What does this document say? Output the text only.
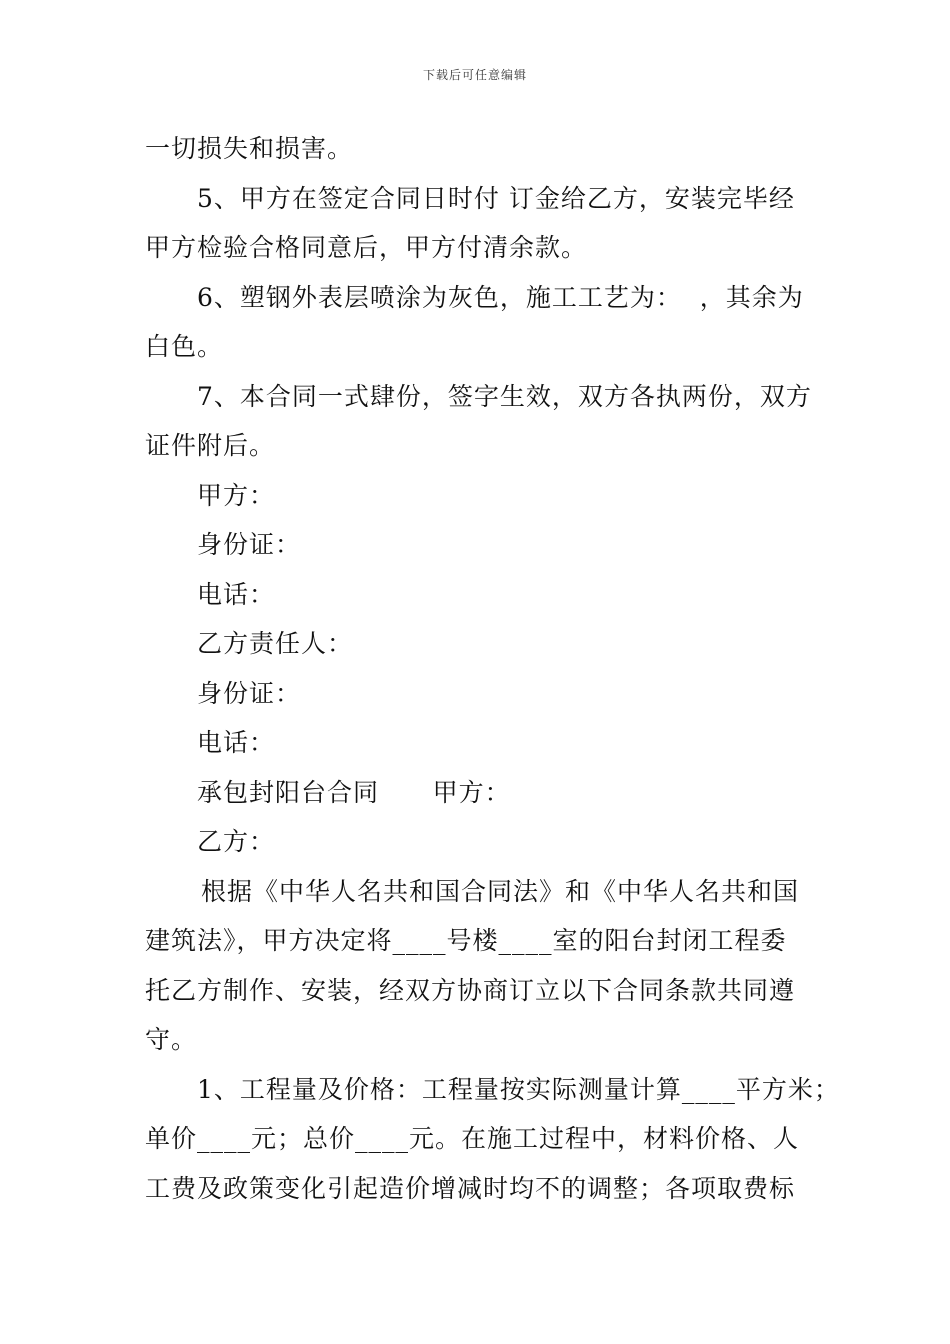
下载后可任意编辑

一切损失和损害。

5、甲方在签定合同日时付 订金给乙方，安装完毕经

甲方检验合格同意后，甲方付清余款。

6、塑钢外表层喷涂为灰色，施工工艺为：  ，其余为

白色。

7、本合同一式肆份，签字生效，双方各执两份，双方

证件附后。

甲方：

身份证：

电话：

乙方责任人：

身份证：

电话：

承包封阳台合同      甲方：

乙方：

根据《中华人名共和国合同法》和《中华人名共和国

建筑法》，甲方决定将____号楼____室的阳台封闭工程委

托乙方制作、安装，经双方协商订立以下合同条款共同遵

守。

1、工程量及价格：工程量按实际测量计算____平方米；

单价____元；总价____元。在施工过程中，材料价格、人

工费及政策变化引起造价增减时均不的调整；各项取费标
